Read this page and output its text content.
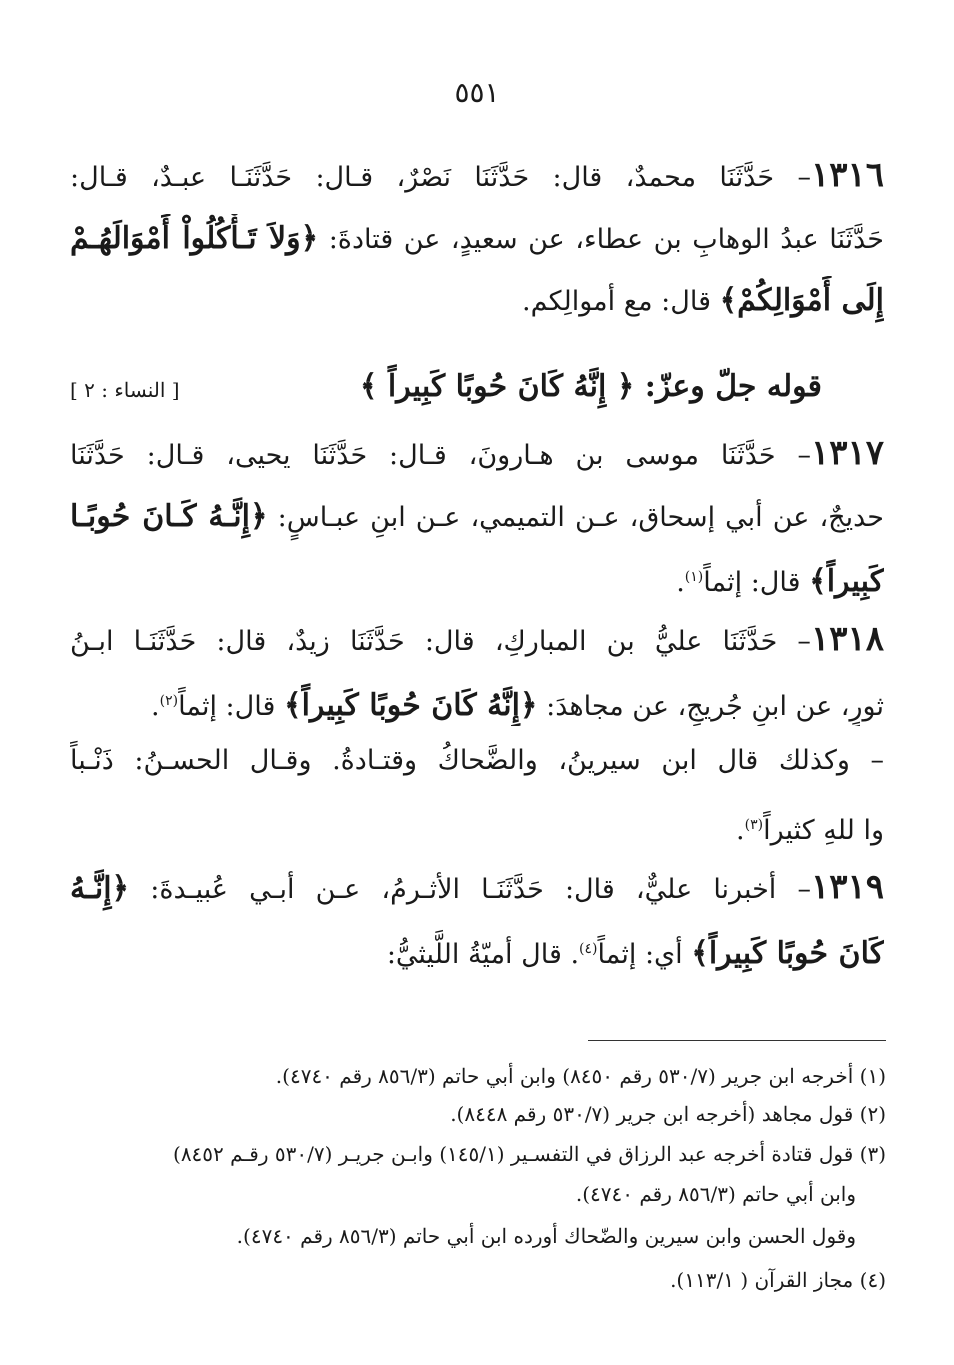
٥٥١
١٣١٦– حَدَّثَنَا محمدٌ، قال: حَدَّثَنَا نَصْرٌ، قـال: حَدَّثَنَـا عبـدٌ، قـال:
حَدَّثَنَا عبدُ الوهابِ بن عطاء، عن سعيدٍ، عن قتادةَ: ﴿وَلاَ تَـأْكُلُواْ أَمْوَالَهُـمْ
إِلَى أَمْوَالِكُمْ﴾ قال: مع أموالِكم.
قوله جلّ وعزّ: ﴿ إِنَّهُ كَانَ حُوبًا كَبِيراً ﴾
[ النساء : ٢ ]
١٣١٧– حَدَّثَنَا موسى بن هـارونَ، قـال: حَدَّثَنَا يحيى، قـال: حَدَّثَنَا
حديجٌ، عن أبي إسحاق، عـن التميمي، عـن ابنِ عبـاسٍ: ﴿إِنَّـهُ كَـانَ حُوبًـا
كَبِيراً﴾ قال: إثماً$^{(١)}$.
١٣١٨– حَدَّثَنَا عليُّ بن المباركِ، قال: حَدَّثَنَا زيدٌ، قال: حَدَّثَنَـا ابـنُ
ثورٍ، عن ابنِ جُريجٍ، عن مجاهدَ: ﴿إِنَّهُ كَانَ حُوبًا كَبِيراً﴾ قال: إثماً$^{(٢)}$.
– وكذلك قال ابن سيرينُ، والضَّحاكُ وقتـادةُ. وقـال الحسـنُ: ذَنْـباً
وا للهِ كثيراً$^{(٣)}$.
١٣١٩– أخبرنا عليٌّ، قال: حَدَّثَنَـا الأثـرمُ، عـن أبـي عُبيـدةَ: ﴿إِنَّـهُ
كَانَ حُوبًا كَبِيراً﴾ أي: إثماً$^{(٤)}$. قال أميّةُ اللَّيثيُّ:
(١) أخرجه ابن جرير (٥٣٠/٧ رقم ٨٤٥٠) وابن أبي حاتم (٨٥٦/٣ رقم ٤٧٤٠).
(٢) قول مجاهد (أخرجه ابن جرير (٥٣٠/٧ رقم ٨٤٤٨).
(٣) قول قتادة أخرجه عبد الرزاق في التفسـير (١٤٥/١) وابـن جريـر (٥٣٠/٧ رقـم ٨٤٥٢)
وابن أبي حاتم (٨٥٦/٣ رقم ٤٧٤٠).
وقول الحسن وابن سيرين والضّحاك أورده ابن أبي حاتم (٨٥٦/٣ رقم ٤٧٤٠).
(٤) مجاز القرآن ( ١١٣/١).
